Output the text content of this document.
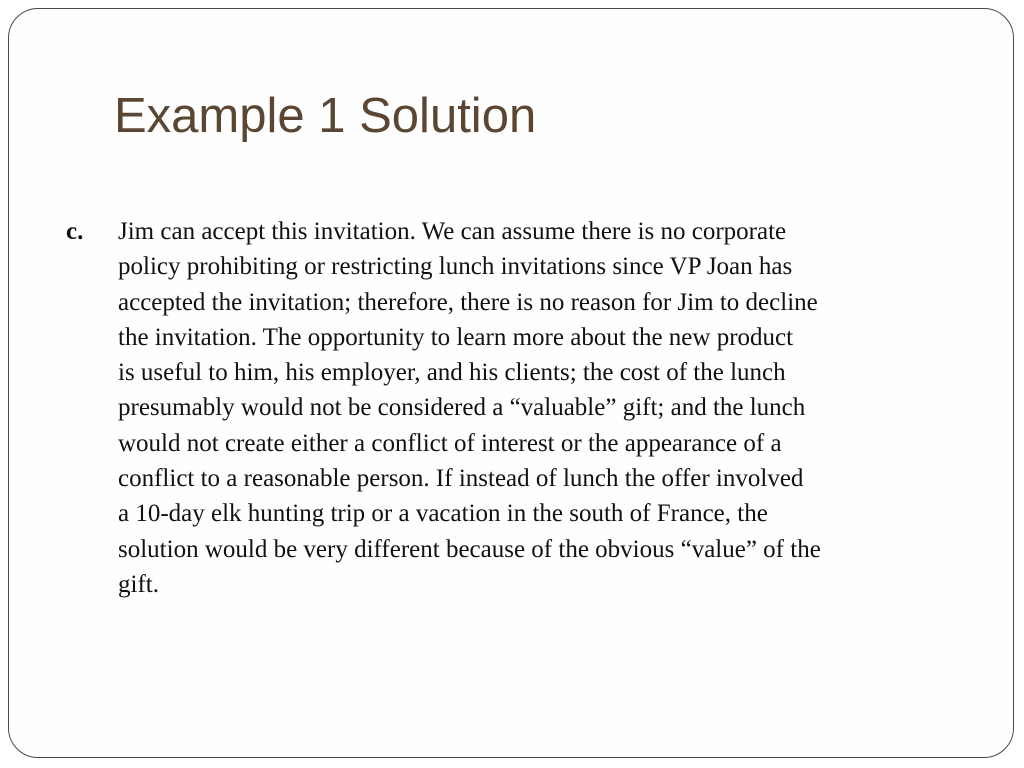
Example 1 Solution
c. Jim can accept this invitation. We can assume there is no corporate
policy prohibiting or restricting lunch invitations since VP Joan has
accepted the invitation; therefore, there is no reason for Jim to decline
the invitation. The opportunity to learn more about the new product
is useful to him, his employer, and his clients; the cost of the lunch
presumably would not be considered a “valuable” gift; and the lunch
would not create either a conflict of interest or the appearance of a
conflict to a reasonable person. If instead of lunch the offer involved
a 10-day elk hunting trip or a vacation in the south of France, the
solution would be very different because of the obvious “value” of the
gift.
